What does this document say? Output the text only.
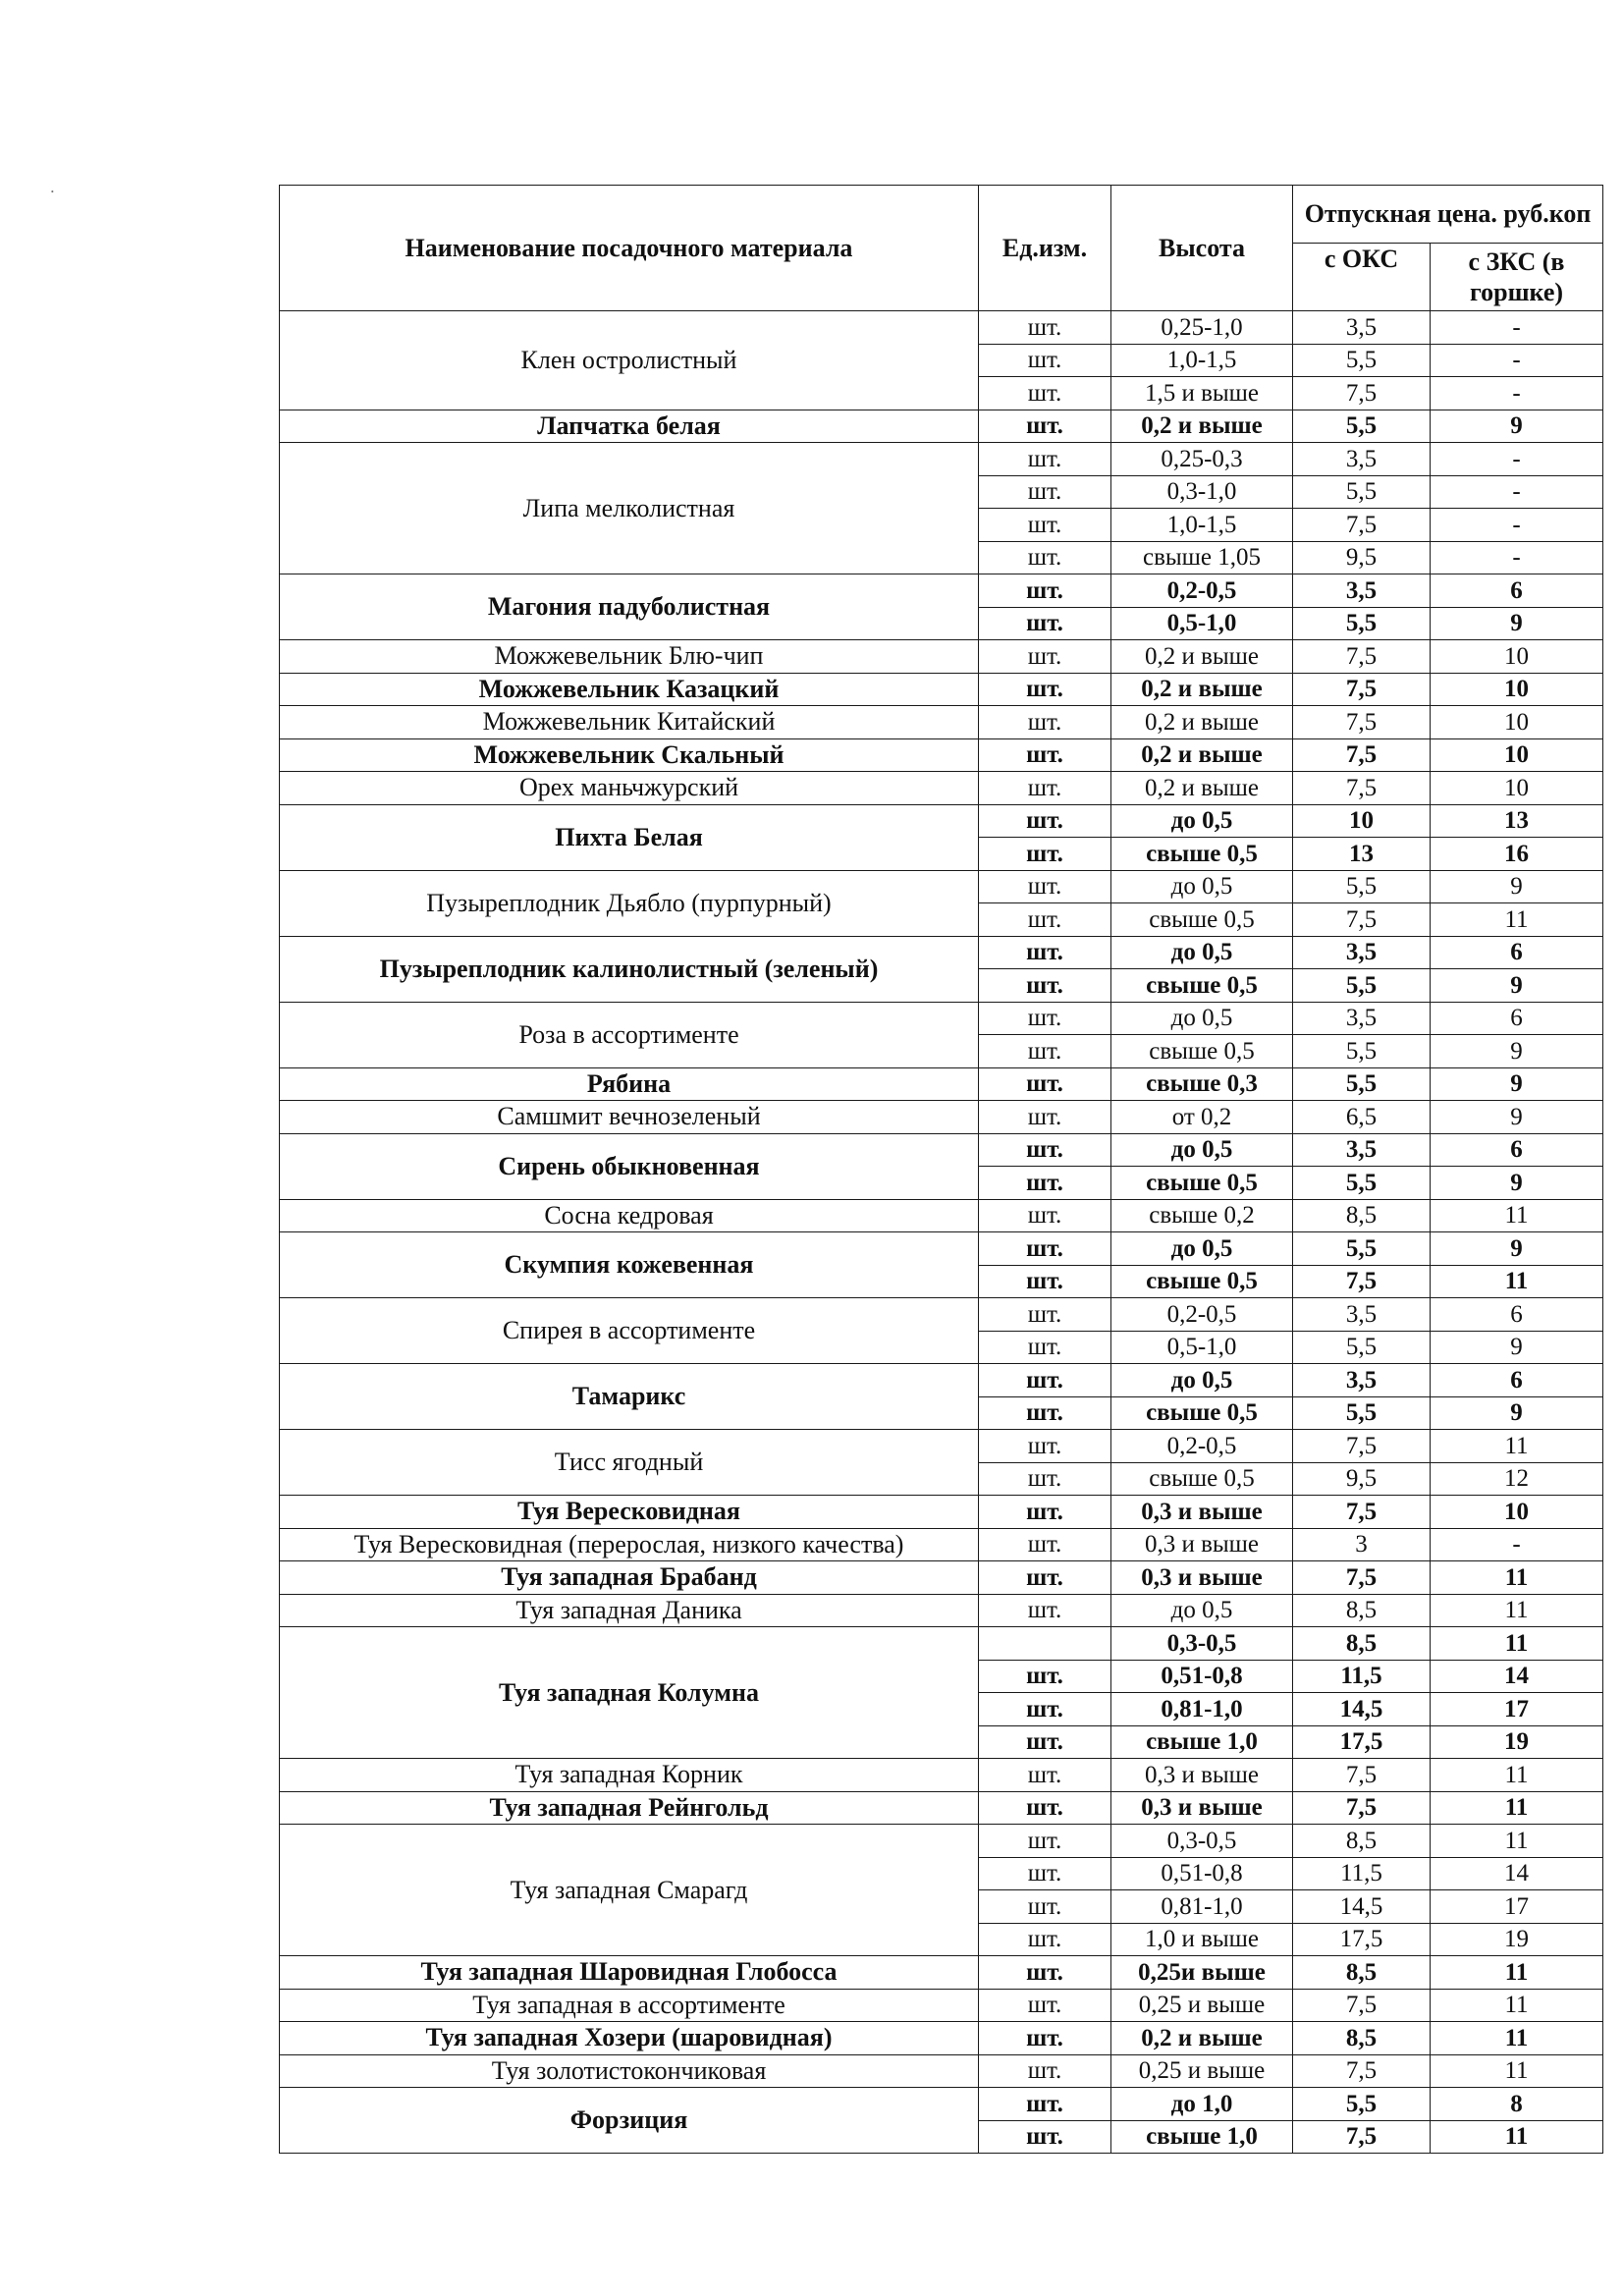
Наименование посадочного материала	Ед.изм.	Высота	Отпускная цена. руб.коп	
			с ОКС	с ЗКС (в горшке)
Клен остролистный	шт.	0,25-1,0	3,5	-
	шт.	1,0-1,5	5,5	-
	шт.	1,5 и выше	7,5	-
Лапчатка белая	шт.	0,2 и выше	5,5	9
Липа мелколистная	шт.	0,25-0,3	3,5	-
	шт.	0,3-1,0	5,5	-
	шт.	1,0-1,5	7,5	-
	шт.	свыше 1,05	9,5	-
Магония падуболистная	шт.	0,2-0,5	3,5	6
	шт.	0,5-1,0	5,5	9
Можжевельник Блю-чип	шт.	0,2 и выше	7,5	10
Можжевельник Казацкий	шт.	0,2 и выше	7,5	10
Можжевельник Китайский	шт.	0,2 и выше	7,5	10
Можжевельник Скальный	шт.	0,2 и выше	7,5	10
Орех маньчжурский	шт.	0,2 и выше	7,5	10
Пихта Белая	шт.	до 0,5	10	13
	шт.	свыше 0,5	13	16
Пузыреплодник Дьябло (пурпурный)	шт.	до 0,5	5,5	9
	шт.	свыше 0,5	7,5	11
Пузыреплодник калинолистный (зеленый)	шт.	до 0,5	3,5	6
	шт.	свыше 0,5	5,5	9
Роза в ассортименте	шт.	до 0,5	3,5	6
	шт.	свыше 0,5	5,5	9
Рябина	шт.	свыше 0,3	5,5	9
Самшмит вечнозеленый	шт.	от 0,2	6,5	9
Сирень обыкновенная	шт.	до 0,5	3,5	6
	шт.	свыше 0,5	5,5	9
Сосна кедровая	шт.	свыше 0,2	8,5	11
Скумпия кожевенная	шт.	до 0,5	5,5	9
	шт.	свыше 0,5	7,5	11
Спирея в ассортименте	шт.	0,2-0,5	3,5	6
	шт.	0,5-1,0	5,5	9
Тамарикс	шт.	до 0,5	3,5	6
	шт.	свыше 0,5	5,5	9
Тисс ягодный	шт.	0,2-0,5	7,5	11
	шт.	свыше 0,5	9,5	12
Туя Вересковидная	шт.	0,3 и выше	7,5	10
Туя Вересковидная (перерослая, низкого качества)	шт.	0,3 и выше	3	-
Туя западная Брабанд	шт.	0,3 и выше	7,5	11
Туя западная Даника	шт.	до 0,5	8,5	11
Туя западная Колумна		0,3-0,5	8,5	11
	шт.	0,51-0,8	11,5	14
	шт.	0,81-1,0	14,5	17
	шт.	свыше 1,0	17,5	19
Туя западная Корник	шт.	0,3 и выше	7,5	11
Туя западная Рейнгольд	шт.	0,3 и выше	7,5	11
Туя западная Смарагд	шт.	0,3-0,5	8,5	11
	шт.	0,51-0,8	11,5	14
	шт.	0,81-1,0	14,5	17
	шт.	1,0 и выше	17,5	19
Туя западная Шаровидная Глобосса	шт.	0,25и выше	8,5	11
Туя западная в ассортименте	шт.	0,25 и выше	7,5	11
Туя западная Хозери (шаровидная)	шт.	0,2 и выше	8,5	11
Туя золотистокончиковая	шт.	0,25 и выше	7,5	11
Форзиция	шт.	до 1,0	5,5	8
	шт.	свыше 1,0	7,5	11
˙
